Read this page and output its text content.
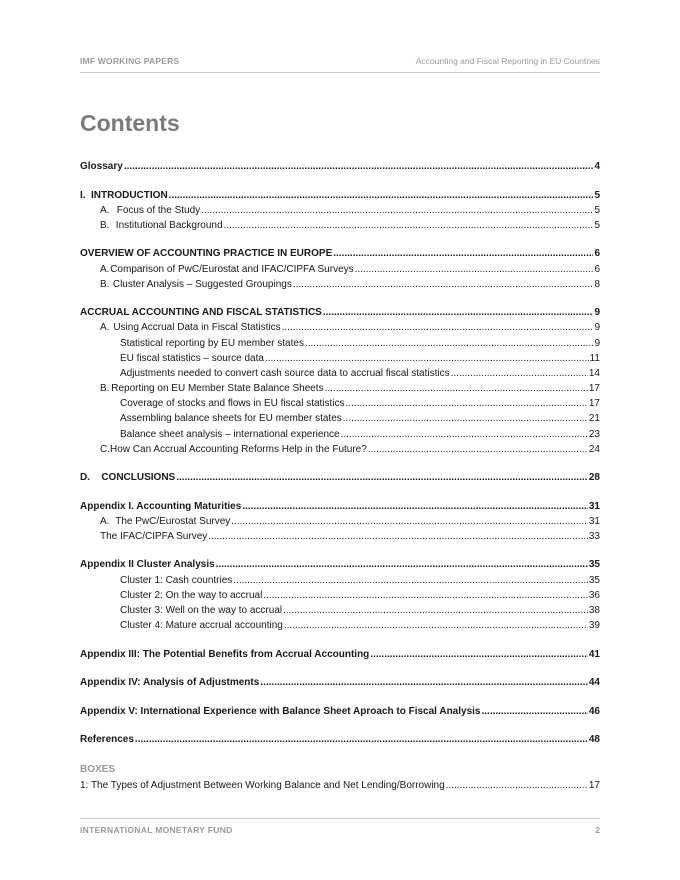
IMF WORKING PAPERS	Accounting and Fiscal Reporting in EU Countries
Contents
Glossary .....	4
I. INTRODUCTION .....	5
A. Focus of the Study .....	5
B. Institutional Background .....	5
OVERVIEW OF ACCOUNTING PRACTICE IN EUROPE .....	6
A. Comparison of PwC/Eurostat and IFAC/CIPFA Surveys .....	6
B. Cluster Analysis – Suggested Groupings .....	8
ACCRUAL ACCOUNTING AND FISCAL STATISTICS .....	9
A. Using Accrual Data in Fiscal Statistics .....	9
Statistical reporting by EU member states .....	9
EU fiscal statistics – source data .....	11
Adjustments needed to convert cash source data to accrual fiscal statistics .....	14
B. Reporting on EU Member State Balance Sheets .....	17
Coverage of stocks and flows in EU fiscal statistics .....	17
Assembling balance sheets for EU member states .....	21
Balance sheet analysis – international experience .....	23
C. How Can Accrual Accounting Reforms Help in the Future? .....	24
D.	CONCLUSIONS .....	28
Appendix I. Accounting Maturities .....	31
A. The PwC/Eurostat Survey .....	31
The IFAC/CIPFA Survey .....	33
Appendix II Cluster Analysis .....	35
Cluster 1: Cash countries .....	35
Cluster 2: On the way to accrual .....	36
Cluster 3: Well on the way to accrual .....	38
Cluster 4: Mature accrual accounting .....	39
Appendix III: The Potential Benefits from Accrual Accounting .....	41
Appendix IV: Analysis of Adjustments .....	44
Appendix V: International Experience with Balance Sheet Aproach to Fiscal Analysis .....	46
References .....	48
BOXES
1: The Types of Adjustment Between Working Balance and Net Lending/Borrowing .....	17
INTERNATIONAL MONETARY FUND	2
